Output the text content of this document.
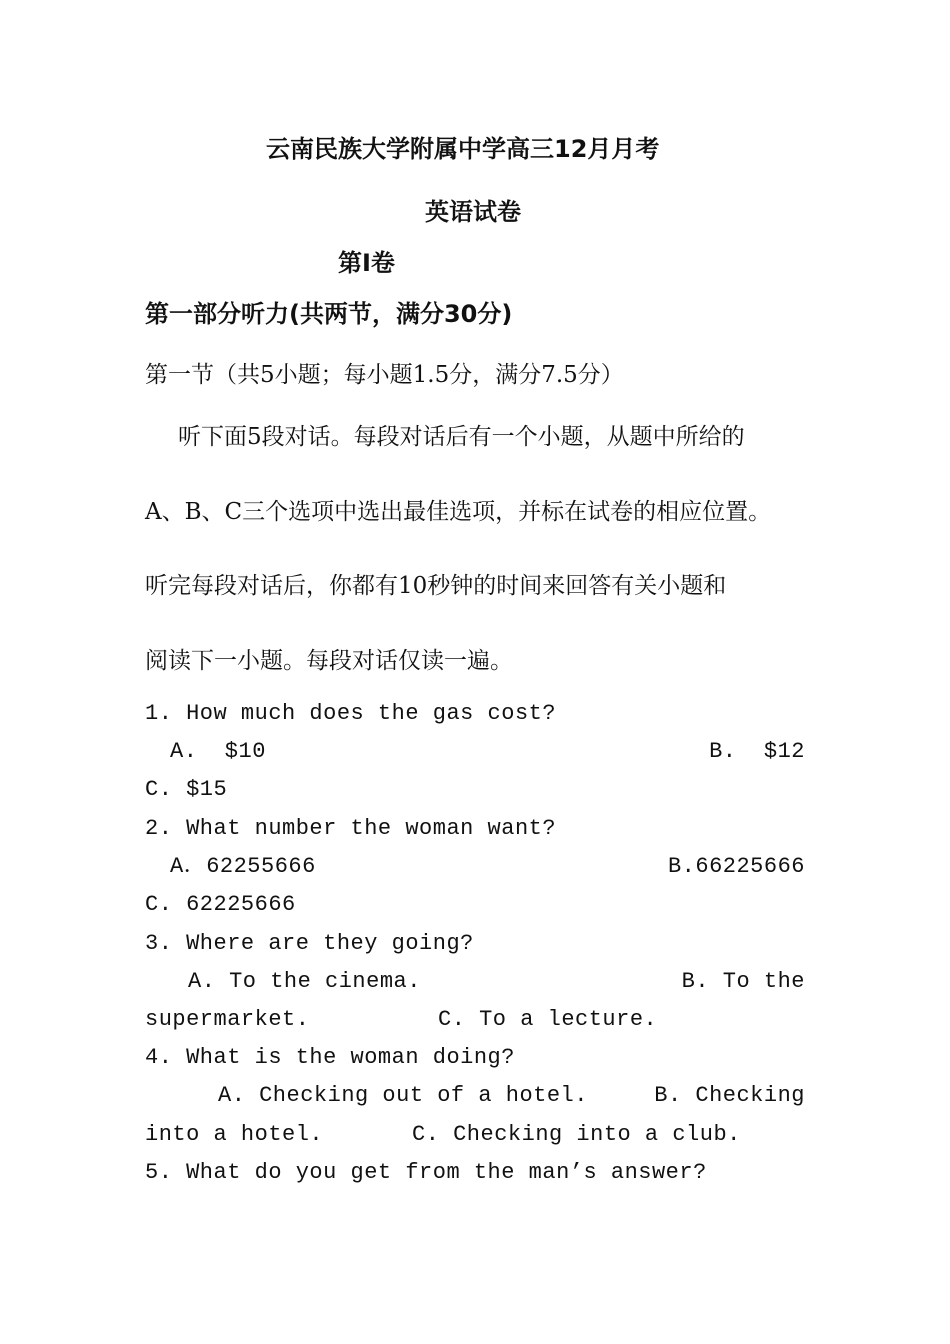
云南民族大学附属中学高三12月月考
英语试卷
第Ⅰ卷
第一部分听力(共两节，满分30分)
第一节（共5小题；每小题1.5分，满分7.5分）
听下面5段对话。每段对话后有一个小题，从题中所给的
A、B、C三个选项中选出最佳选项，并标在试卷的相应位置。
听完每段对话后，你都有10秒钟的时间来回答有关小题和
阅读下一小题。每段对话仅读一遍。
1. How much does the gas cost?
A.  $10	B.  $12
C. $15
2. What number the woman want?
A．62255666	B.66225666
C. 62225666
3. Where are they going?
A. To the cinema.	B. To the
supermarket.	C. To a lecture.
4. What is the woman doing?
A. Checking out of a hotel.	B. Checking
into a hotel.	C. Checking into a club.
5. What do you get from the man’s answer?
